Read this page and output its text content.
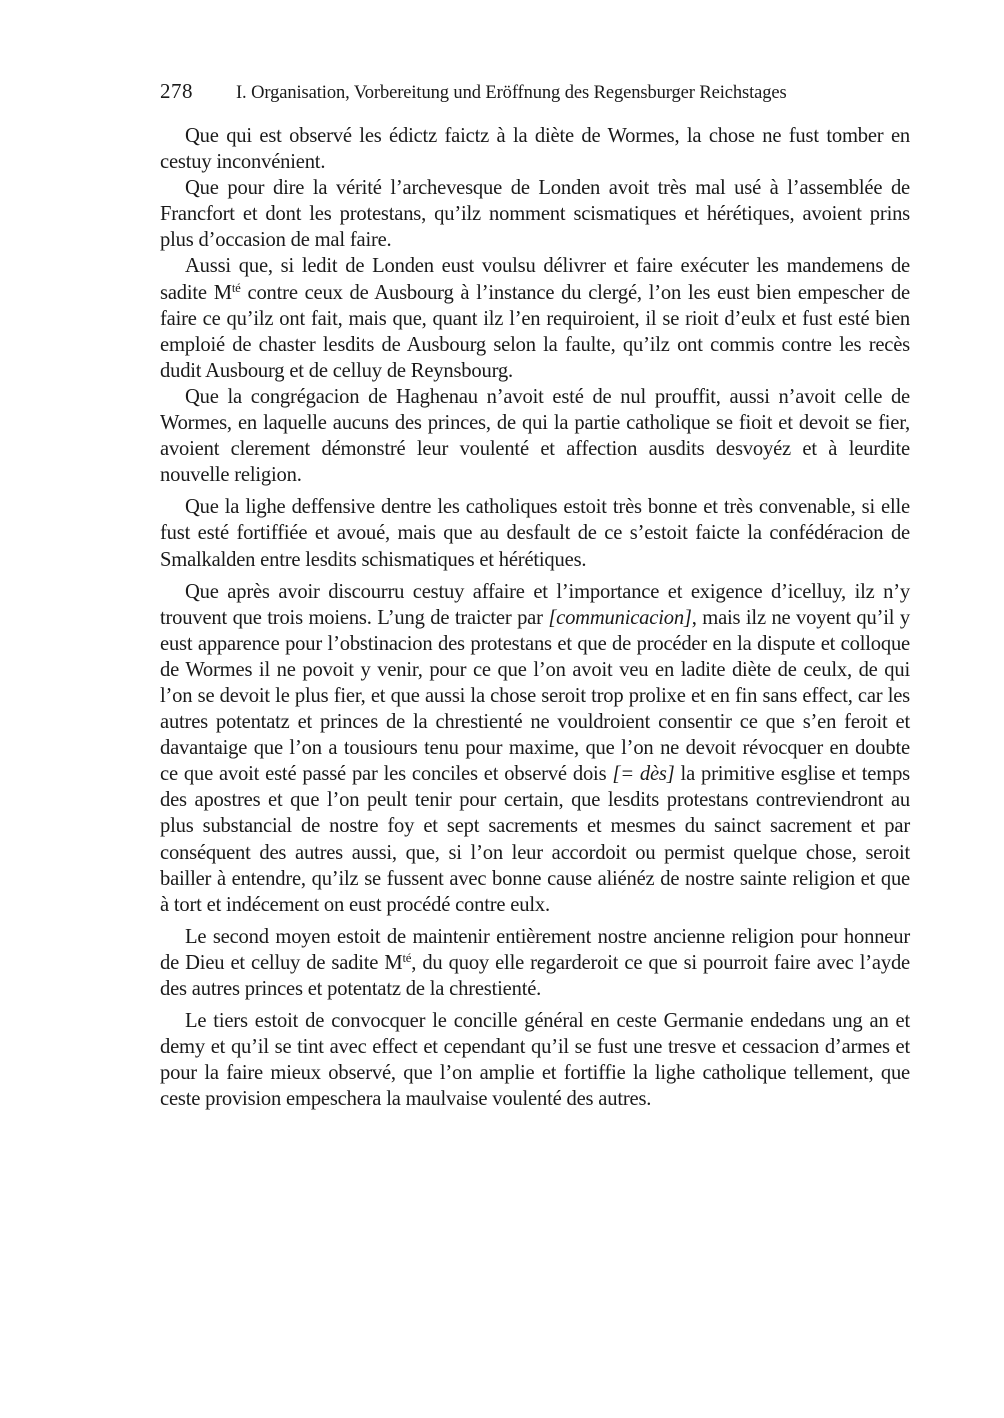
278	I. Organisation, Vorbereitung und Eröffnung des Regensburger Reichstages

Que qui est observé les édictz faictz à la diète de Wormes, la chose ne fust tomber en cestuy inconvénient.

Que pour dire la vérité l’archevesque de Londen avoit très mal usé à l’assemblée de Francfort et dont les protestans, qu’ilz nomment scismatiques et hérétiques, avoient prins plus d’occasion de mal faire.

Aussi que, si ledit de Londen eust voulsu délivrer et faire exécuter les mandemens de sadite $M^{té}$ contre ceux de Ausbourg à l’instance du clergé, l’on les eust bien empescher de faire ce qu’ilz ont fait, mais que, quant ilz l’en requiroient, il se rioit d’eulx et fust esté bien emploié de chaster lesdits de Ausbourg selon la faulte, qu’ilz ont commis contre les recès dudit Ausbourg et de celluy de Reynsbourg.

Que la congrégacion de Haghenau n’avoit esté de nul prouffit, aussi n’avoit celle de Wormes, en laquelle aucuns des princes, de qui la partie catholique se fioit et devoit se fier, avoient clerement démonstré leur voulenté et affection ausdits desvoyéz et à leurdite nouvelle religion.

Que la lighe deffensive dentre les catholiques estoit très bonne et très convenable, si elle fust esté fortiffiée et avoué, mais que au desfault de ce s’estoit faicte la confédéracion de Smalkalden entre lesdits schismatiques et hérétiques.

Que après avoir discourru cestuy affaire et l’importance et exigence d’icelluy, ilz n’y trouvent que trois moiens. L’ung de traicter par [communicacion], mais ilz ne voyent qu’il y eust apparence pour l’obstinacion des protestans et que de procéder en la dispute et colloque de Wormes il ne povoit y venir, pour ce que l’on avoit veu en ladite diète de ceulx, de qui l’on se devoit le plus fier, et que aussi la chose seroit trop prolixe et en fin sans effect, car les autres potentatz et princes de la chrestienté ne vouldroient consentir ce que s’en feroit et davantaige que l’on a tousiours tenu pour maxime, que l’on ne devoit révocquer en doubte ce que avoit esté passé par les conciles et observé dois [= dès] la primitive esglise et temps des apostres et que l’on peult tenir pour certain, que lesdits protestans contreviendront au plus substancial de nostre foy et sept sacrements et mesmes du sainct sacrement et par conséquent des autres aussi, que, si l’on leur accordoit ou permist quelque chose, seroit bailler à entendre, qu’ilz se fussent avec bonne cause aliénéz de nostre sainte religion et que à tort et indécement on eust procédé contre eulx.

Le second moyen estoit de maintenir entièrement nostre ancienne religion pour honneur de Dieu et celluy de sadite $M^{té}$, du quoy elle regarderoit ce que si pourroit faire avec l’ayde des autres princes et potentatz de la chrestienté.

Le tiers estoit de convocquer le concille général en ceste Germanie endedans ung an et demy et qu’il se tint avec effect et cependant qu’il se fust une tresve et cessacion d’armes et pour la faire mieux observé, que l’on amplie et fortiffie la lighe catholique tellement, que ceste provision empeschera la maulvaise voulenté des autres.
